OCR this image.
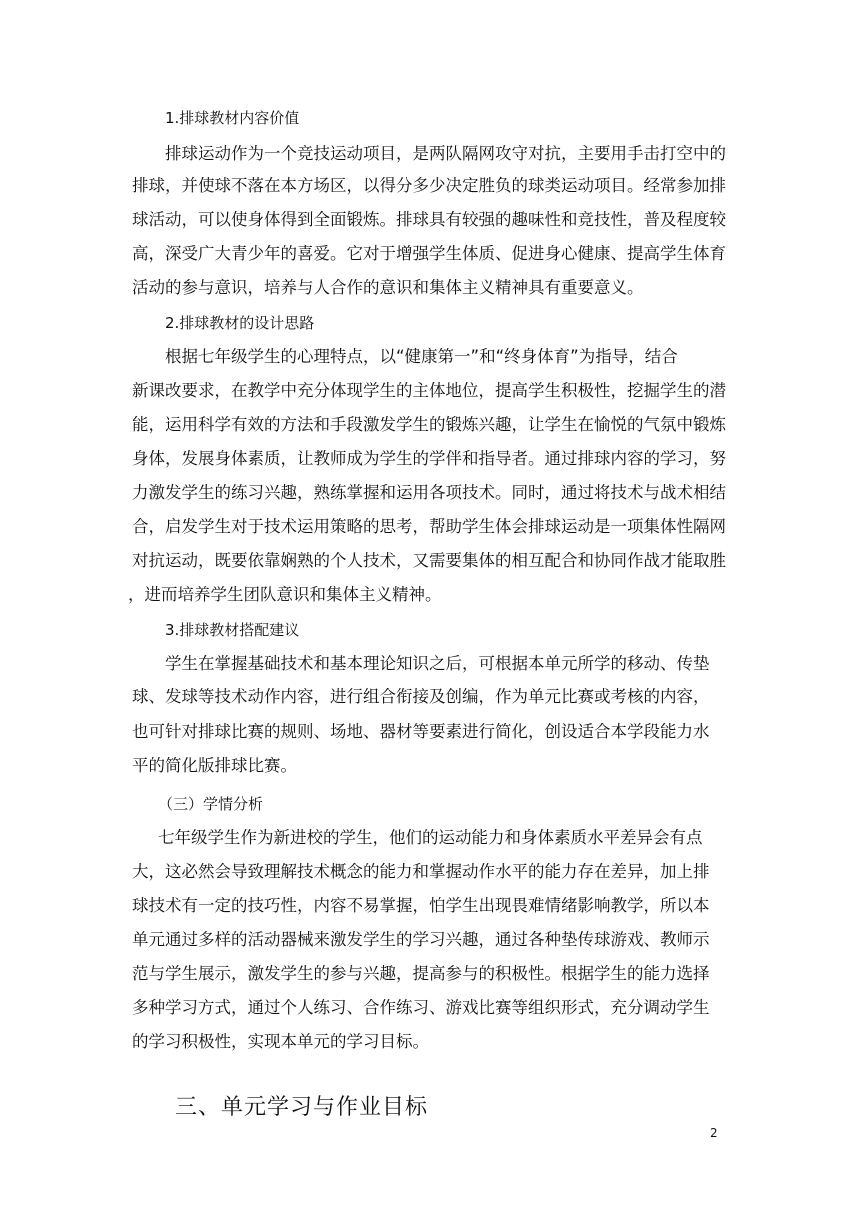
1.排球教材内容价值
排球运动作为一个竞技运动项目，是两队隔网攻守对抗，主要用手击打空中的
排球，并使球不落在本方场区，以得分多少决定胜负的球类运动项目。经常参加排
球活动，可以使身体得到全面锻炼。排球具有较强的趣味性和竞技性，普及程度较
高，深受广大青少年的喜爱。它对于增强学生体质、促进身心健康、提高学生体育
活动的参与意识，培养与人合作的意识和集体主义精神具有重要意义。
2.排球教材的设计思路
根据七年级学生的心理特点，以“健康第一”和“终身体育”为指导，结合
新课改要求，在教学中充分体现学生的主体地位，提高学生积极性，挖掘学生的潜
能，运用科学有效的方法和手段激发学生的锻炼兴趣，让学生在愉悦的气氛中锻炼
身体，发展身体素质，让教师成为学生的学伴和指导者。通过排球内容的学习，努
力激发学生的练习兴趣，熟练掌握和运用各项技术。同时，通过将技术与战术相结
合，启发学生对于技术运用策略的思考，帮助学生体会排球运动是一项集体性隔网
对抗运动，既要依靠娴熟的个人技术，又需要集体的相互配合和协同作战才能取胜
，进而培养学生团队意识和集体主义精神。
3.排球教材搭配建议
学生在掌握基础技术和基本理论知识之后，可根据本单元所学的移动、传垫
球、发球等技术动作内容，进行组合衔接及创编，作为单元比赛或考核的内容，
也可针对排球比赛的规则、场地、器材等要素进行简化，创设适合本学段能力水
平的简化版排球比赛。
（三）学情分析
七年级学生作为新进校的学生，他们的运动能力和身体素质水平差异会有点
大，这必然会导致理解技术概念的能力和掌握动作水平的能力存在差异，加上排
球技术有一定的技巧性，内容不易掌握，怕学生出现畏难情绪影响教学，所以本
单元通过多样的活动器械来激发学生的学习兴趣，通过各种垫传球游戏、教师示
范与学生展示，激发学生的参与兴趣，提高参与的积极性。根据学生的能力选择
多种学习方式，通过个人练习、合作练习、游戏比赛等组织形式，充分调动学生
的学习积极性，实现本单元的学习目标。
三、单元学习与作业目标
2
